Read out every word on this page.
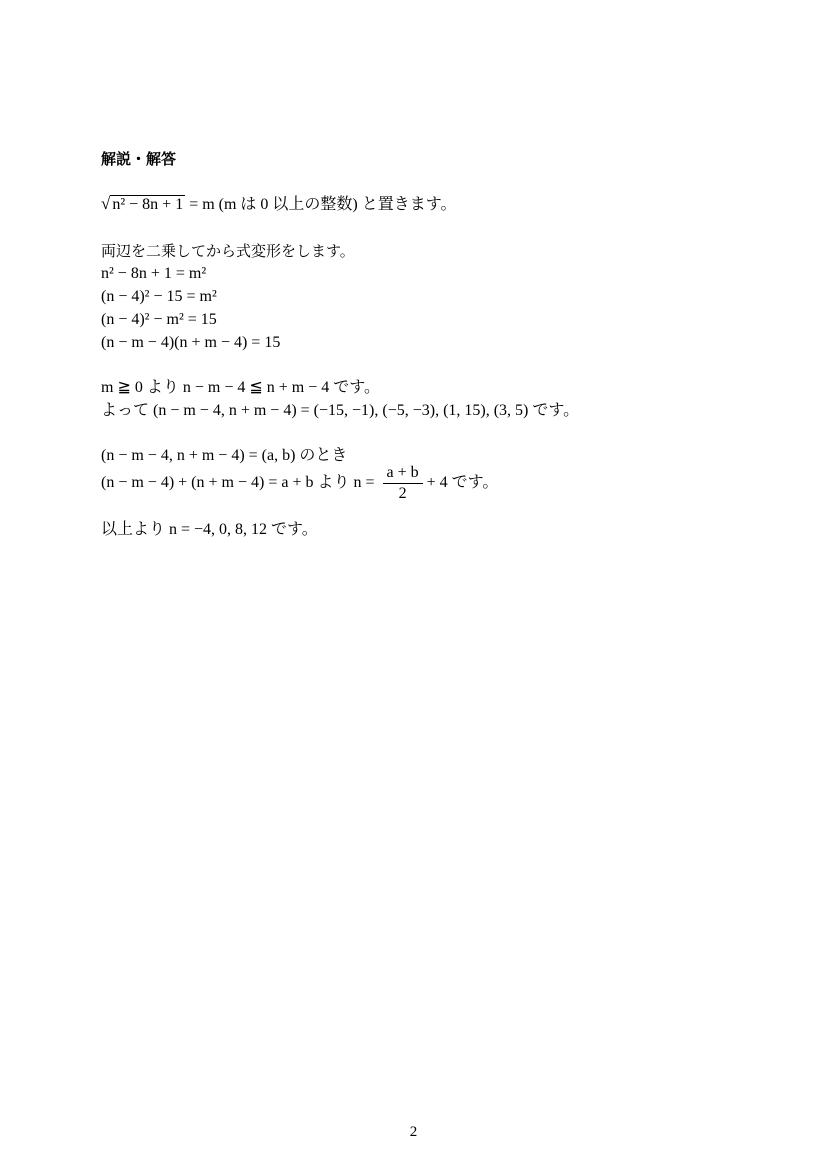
解説・解答
√ n² − 8n + 1 = m (m は 0 以上の整数) と置きます。
両辺を二乗してから式変形をします。
n² − 8n + 1 = m²
(n − 4)² − 15 = m²
(n − 4)² − m² = 15
(n − m − 4)(n + m − 4) = 15
m ≧ 0 より n − m − 4 ≦ n + m − 4 です。
よって (n − m − 4, n + m − 4) = (−15, −1), (−5, −3), (1, 15), (3, 5) です。
(n − m − 4, n + m − 4) = (a, b) のとき
(n − m − 4) + (n + m − 4) = a + b より $n = \frac{a + b}{2} + 4$ です。
以上より n = −4, 0, 8, 12 です。
2
